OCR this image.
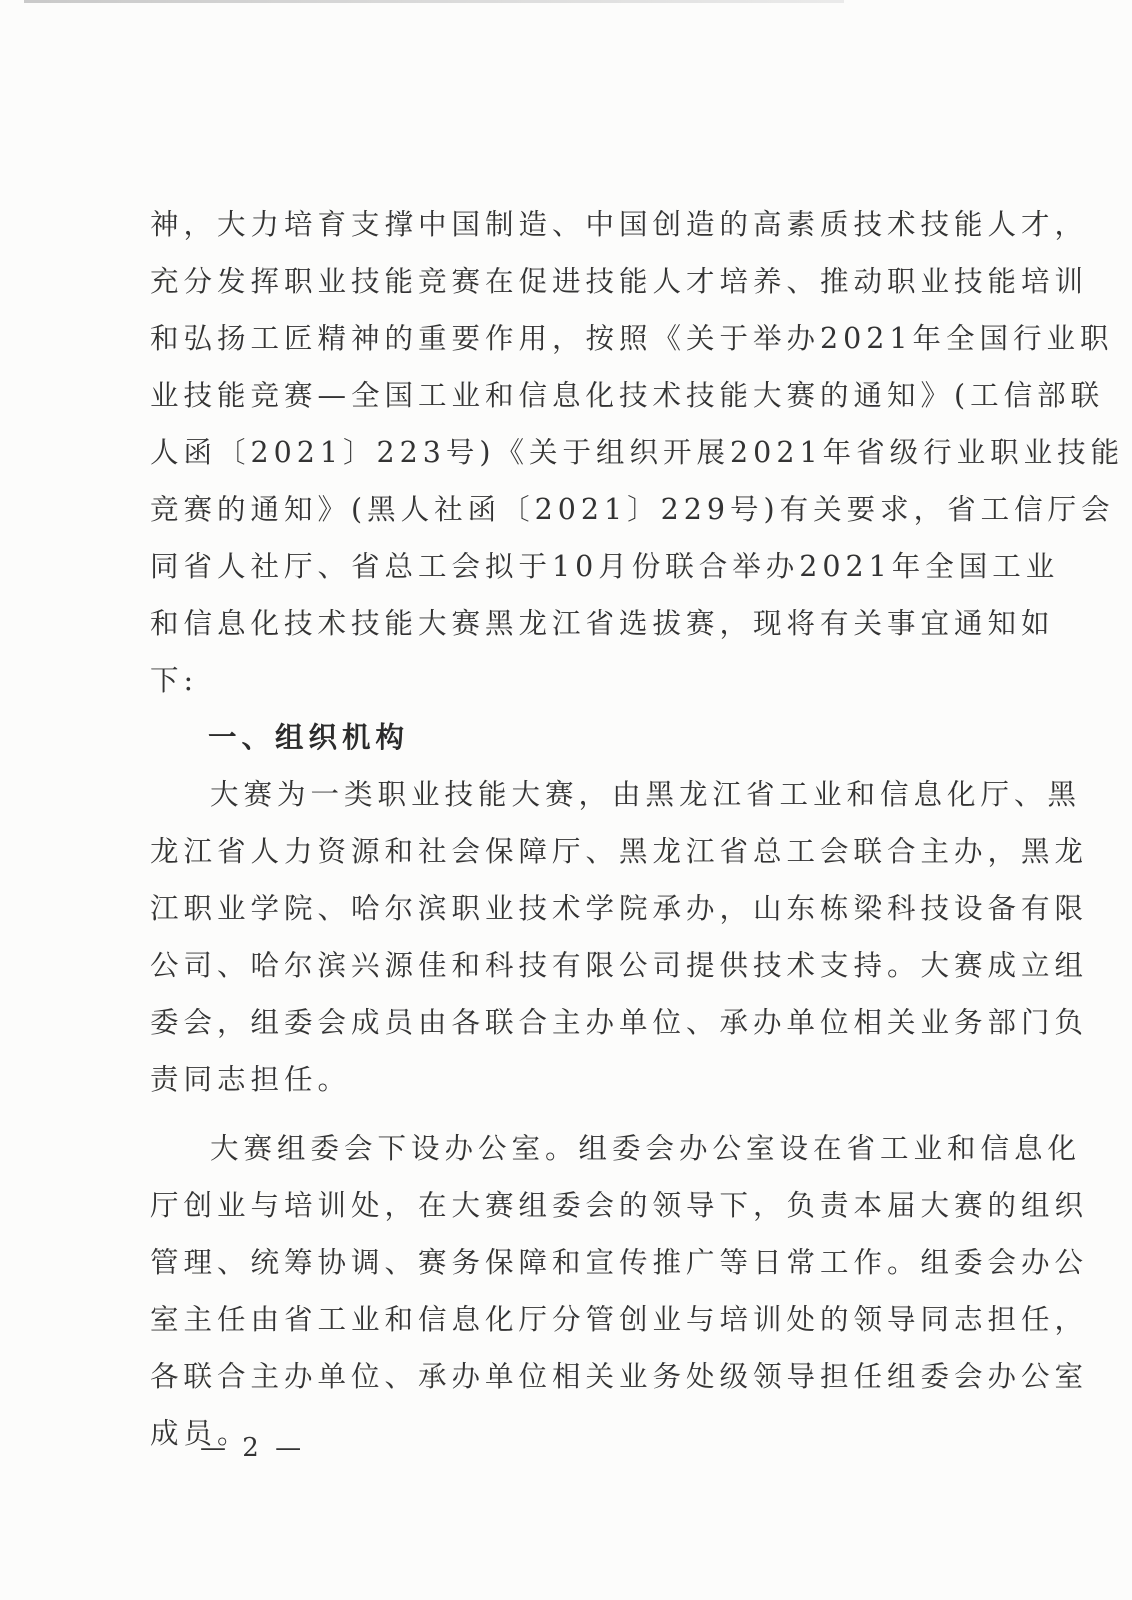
神，大力培育支撑中国制造、中国创造的高素质技术技能人才，
充分发挥职业技能竞赛在促进技能人才培养、推动职业技能培训
和弘扬工匠精神的重要作用，按照《关于举办2021年全国行业职
业技能竞赛—全国工业和信息化技术技能大赛的通知》(工信部联
人函〔2021〕223号)《关于组织开展2021年省级行业职业技能
竞赛的通知》(黑人社函〔2021〕229号)有关要求，省工信厅会
同省人社厅、省总工会拟于10月份联合举办2021年全国工业
和信息化技术技能大赛黑龙江省选拔赛，现将有关事宜通知如
下:
一、组织机构
大赛为一类职业技能大赛，由黑龙江省工业和信息化厅、黑
龙江省人力资源和社会保障厅、黑龙江省总工会联合主办，黑龙
江职业学院、哈尔滨职业技术学院承办，山东栋梁科技设备有限
公司、哈尔滨兴源佳和科技有限公司提供技术支持。大赛成立组
委会，组委会成员由各联合主办单位、承办单位相关业务部门负
责同志担任。
大赛组委会下设办公室。组委会办公室设在省工业和信息化
厅创业与培训处，在大赛组委会的领导下，负责本届大赛的组织
管理、统筹协调、赛务保障和宣传推广等日常工作。组委会办公
室主任由省工业和信息化厅分管创业与培训处的领导同志担任，
各联合主办单位、承办单位相关业务处级领导担任组委会办公室
成员。
— 2 —
